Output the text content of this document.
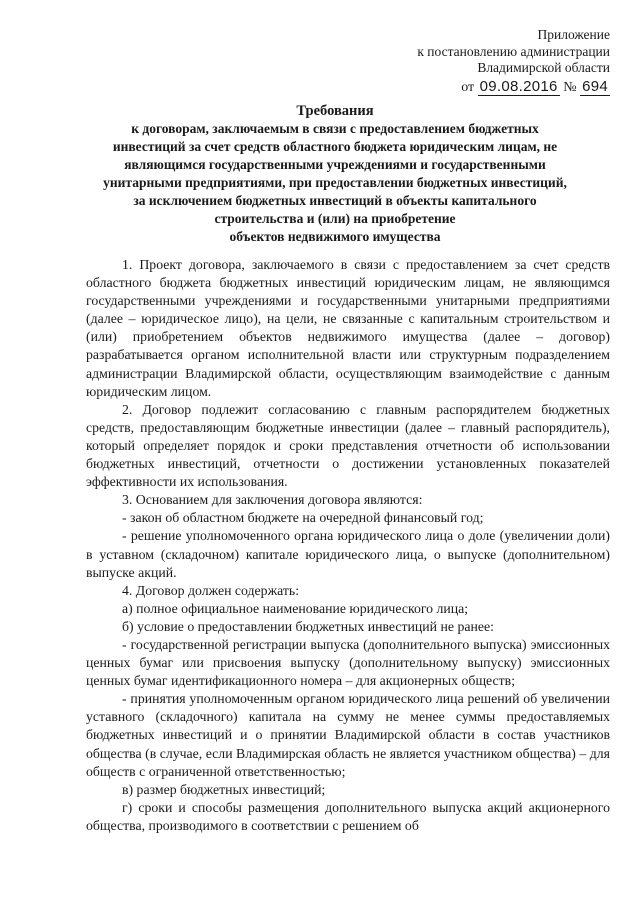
Приложение
к постановлению администрации
Владимирской области
от 09.08.2016 № 694
Требования
к договорам, заключаемым в связи с предоставлением бюджетных
инвестиций за счет средств областного бюджета юридическим лицам, не
являющимся государственными учреждениями и государственными
унитарными предприятиями, при предоставлении бюджетных инвестиций,
за исключением бюджетных инвестиций в объекты капитального
строительства и (или) на приобретение
объектов недвижимого имущества

1. Проект договора, заключаемого в связи с предоставлением за счет средств областного бюджета бюджетных инвестиций юридическим лицам, не являющимся государственными учреждениями и государственными унитарными предприятиями (далее – юридическое лицо), на цели, не связанные с капитальным строительством и (или) приобретением объектов недвижимого имущества (далее – договор) разрабатывается органом исполнительной власти или структурным подразделением администрации Владимирской области, осуществляющим взаимодействие с данным юридическим лицом.

2. Договор подлежит согласованию с главным распорядителем бюджетных средств, предоставляющим бюджетные инвестиции (далее – главный распорядитель), который определяет порядок и сроки представления отчетности об использовании бюджетных инвестиций, отчетности о достижении установленных показателей эффективности их использования.

3. Основанием для заключения договора являются:

- закон об областном бюджете на очередной финансовый год;

- решение уполномоченного органа юридического лица о доле (увеличении доли) в уставном (складочном) капитале юридического лица, о выпуске (дополнительном) выпуске акций.

4. Договор должен содержать:

а) полное официальное наименование юридического лица;

б) условие о предоставлении бюджетных инвестиций не ранее:

- государственной регистрации выпуска (дополнительного выпуска) эмиссионных ценных бумаг или присвоения выпуску (дополнительному выпуску) эмиссионных ценных бумаг идентификационного номера – для акционерных обществ;

- принятия уполномоченным органом юридического лица решений об увеличении уставного (складочного) капитала на сумму не менее суммы предоставляемых бюджетных инвестиций и о принятии Владимирской области в состав участников общества (в случае, если Владимирская область не является участником общества) – для обществ с ограниченной ответственностью;

в) размер бюджетных инвестиций;

г) сроки и способы размещения дополнительного выпуска акций акционерного общества, производимого в соответствии с решением об
